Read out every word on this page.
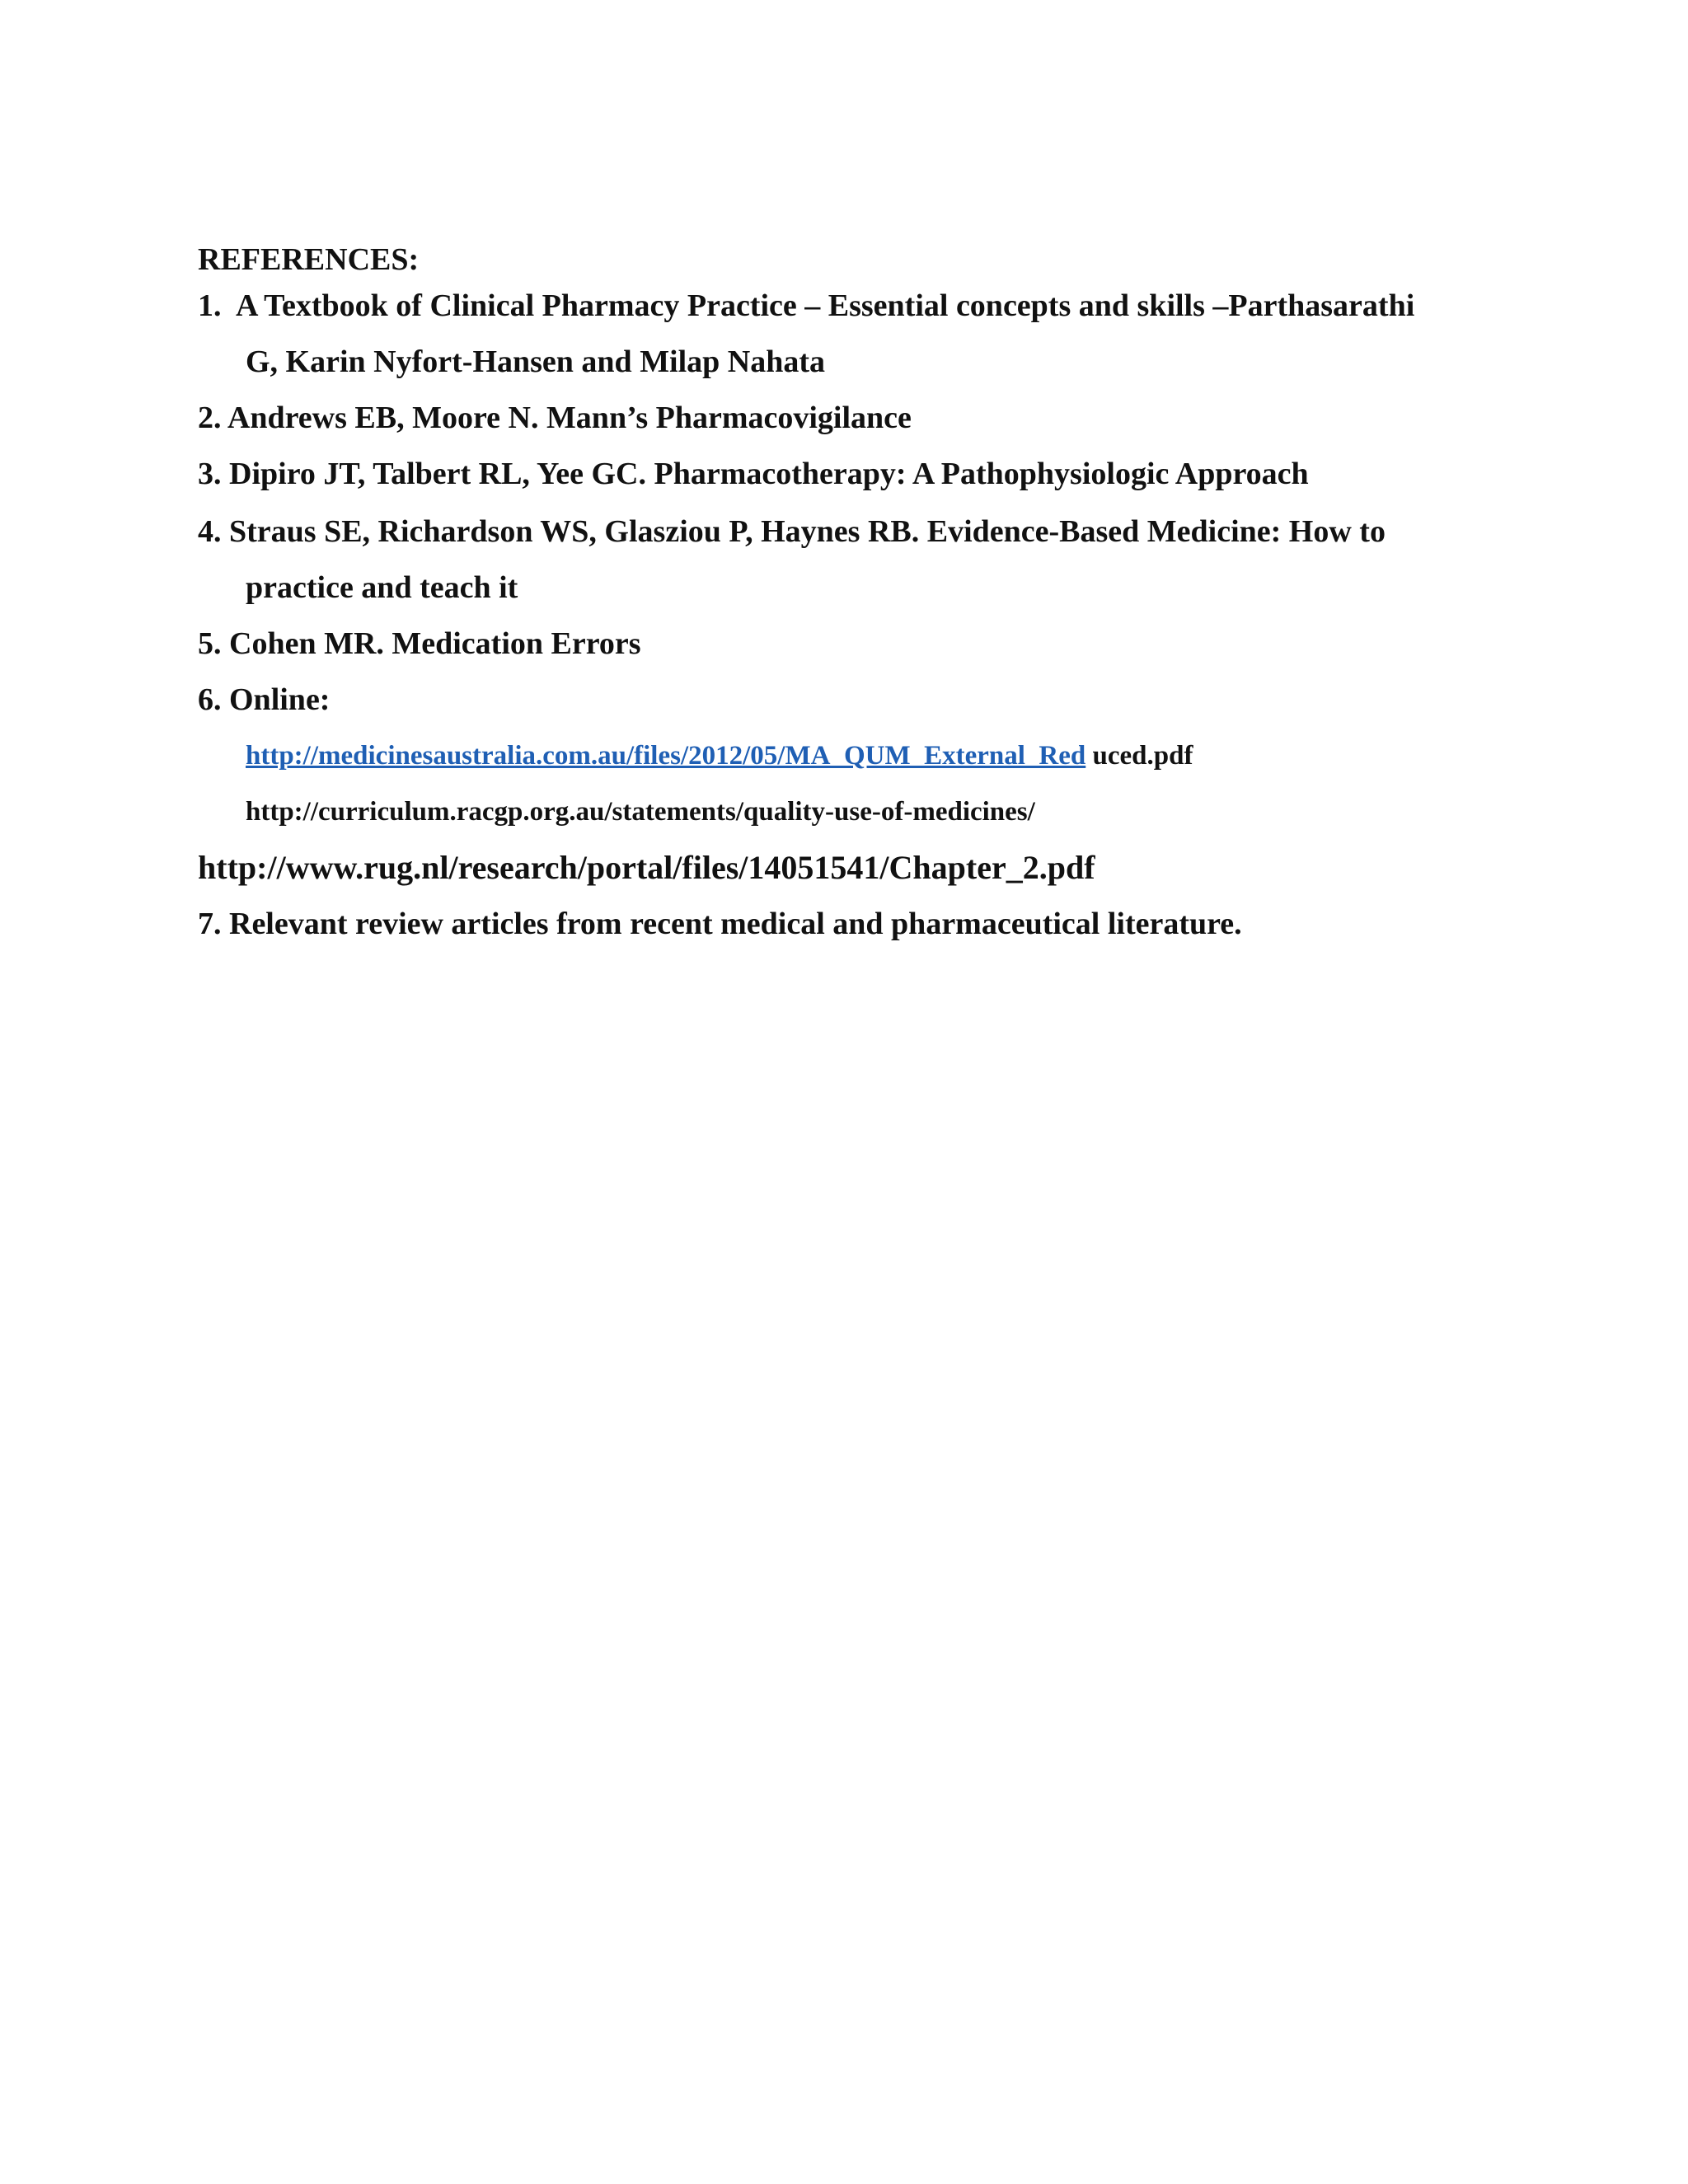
REFERENCES:
1. A Textbook of Clinical Pharmacy Practice – Essential concepts and skills –Parthasarathi
G, Karin Nyfort-Hansen and Milap Nahata
2. Andrews EB, Moore N. Mann’s Pharmacovigilance
3. Dipiro JT, Talbert RL, Yee GC. Pharmacotherapy: A Pathophysiologic Approach
4. Straus SE, Richardson WS, Glasziou P, Haynes RB. Evidence-Based Medicine: How to
practice and teach it
5. Cohen MR. Medication Errors
6. Online:
http://medicinesaustralia.com.au/files/2012/05/MA_QUM_External_Red uced.pdf
http://curriculum.racgp.org.au/statements/quality-use-of-medicines/
http://www.rug.nl/research/portal/files/14051541/Chapter_2.pdf
7. Relevant review articles from recent medical and pharmaceutical literature.
